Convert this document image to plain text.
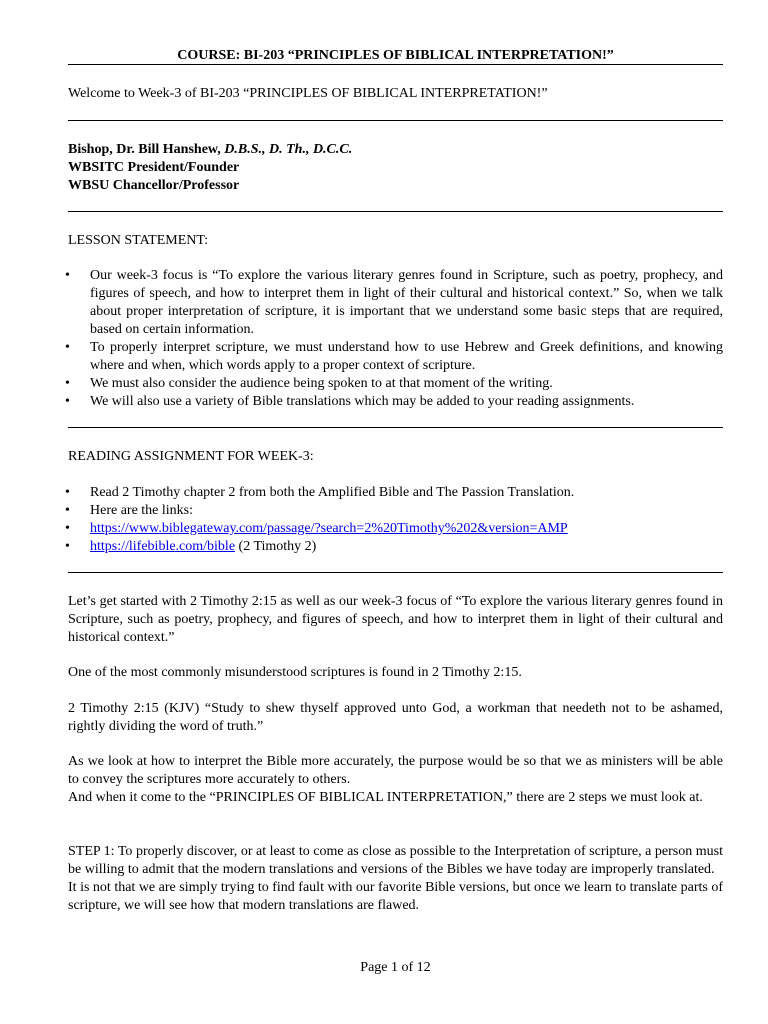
COURSE: BI-203 “PRINCIPLES OF BIBLICAL INTERPRETATION!”

Welcome to Week-3 of BI-203 “PRINCIPLES OF BIBLICAL INTERPRETATION!”

Bishop, Dr. Bill Hanshew, D.B.S., D. Th., D.C.C.

WBSITC President/Founder

WBSU Chancellor/Professor

LESSON STATEMENT:

• Our week-3 focus is “To explore the various literary genres found in Scripture, such as poetry, prophecy, and figures of speech, and how to interpret them in light of their cultural and historical context.” So, when we talk about proper interpretation of scripture, it is important that we understand some basic steps that are required, based on certain information.
• To properly interpret scripture, we must understand how to use Hebrew and Greek definitions, and knowing where and when, which words apply to a proper context of scripture.
• We must also consider the audience being spoken to at that moment of the writing.
• We will also use a variety of Bible translations which may be added to your reading assignments.

READING ASSIGNMENT FOR WEEK-3:

• Read 2 Timothy chapter 2 from both the Amplified Bible and The Passion Translation.
• Here are the links:
• https://www.biblegateway.com/passage/?search=2%20Timothy%202&version=AMP
• https://lifebible.com/bible (2 Timothy 2)

Let’s get started with 2 Timothy 2:15 as well as our week-3 focus of “To explore the various literary genres found in Scripture, such as poetry, prophecy, and figures of speech, and how to interpret them in light of their cultural and historical context.”

One of the most commonly misunderstood scriptures is found in 2 Timothy 2:15.

2 Timothy 2:15 (KJV) “Study to shew thyself approved unto God, a workman that needeth not to be ashamed, rightly dividing the word of truth.”

As we look at how to interpret the Bible more accurately, the purpose would be so that we as ministers will be able to convey the scriptures more accurately to others.

And when it come to the “PRINCIPLES OF BIBLICAL INTERPRETATION,” there are 2 steps we must look at.

STEP 1: To properly discover, or at least to come as close as possible to the Interpretation of scripture, a person must be willing to admit that the modern translations and versions of the Bibles we have today are improperly translated.

It is not that we are simply trying to find fault with our favorite Bible versions, but once we learn to translate parts of scripture, we will see how that modern translations are flawed.

Page 1 of 12
